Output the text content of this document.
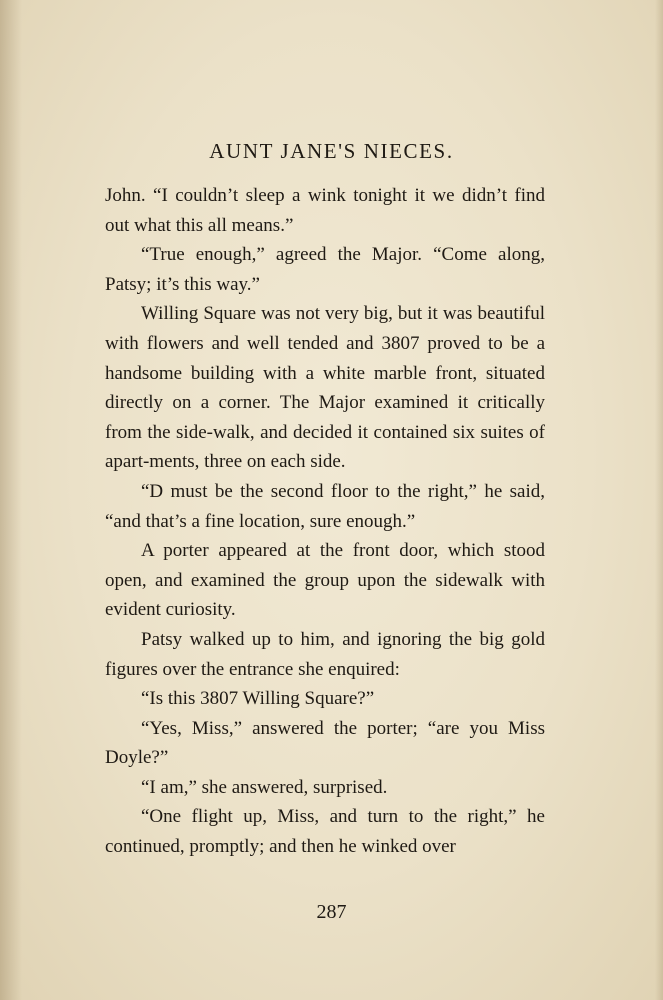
AUNT JANE'S NIECES.

John. “I couldn’t sleep a wink tonight it we didn’t find out what this all means.”

“True enough,” agreed the Major. “Come along, Patsy; it’s this way.”

Willing Square was not very big, but it was beautiful with flowers and well tended and 3807 proved to be a handsome building with a white marble front, situated directly on a corner. The Major examined it critically from the side-walk, and decided it contained six suites of apart-ments, three on each side.

“D must be the second floor to the right,” he said, “and that’s a fine location, sure enough.”

A porter appeared at the front door, which stood open, and examined the group upon the sidewalk with evident curiosity.

Patsy walked up to him, and ignoring the big gold figures over the entrance she enquired:

“Is this 3807 Willing Square?”

“Yes, Miss,” answered the porter; “are you Miss Doyle?”

“I am,” she answered, surprised.

“One flight up, Miss, and turn to the right,” he continued, promptly; and then he winked over

287
